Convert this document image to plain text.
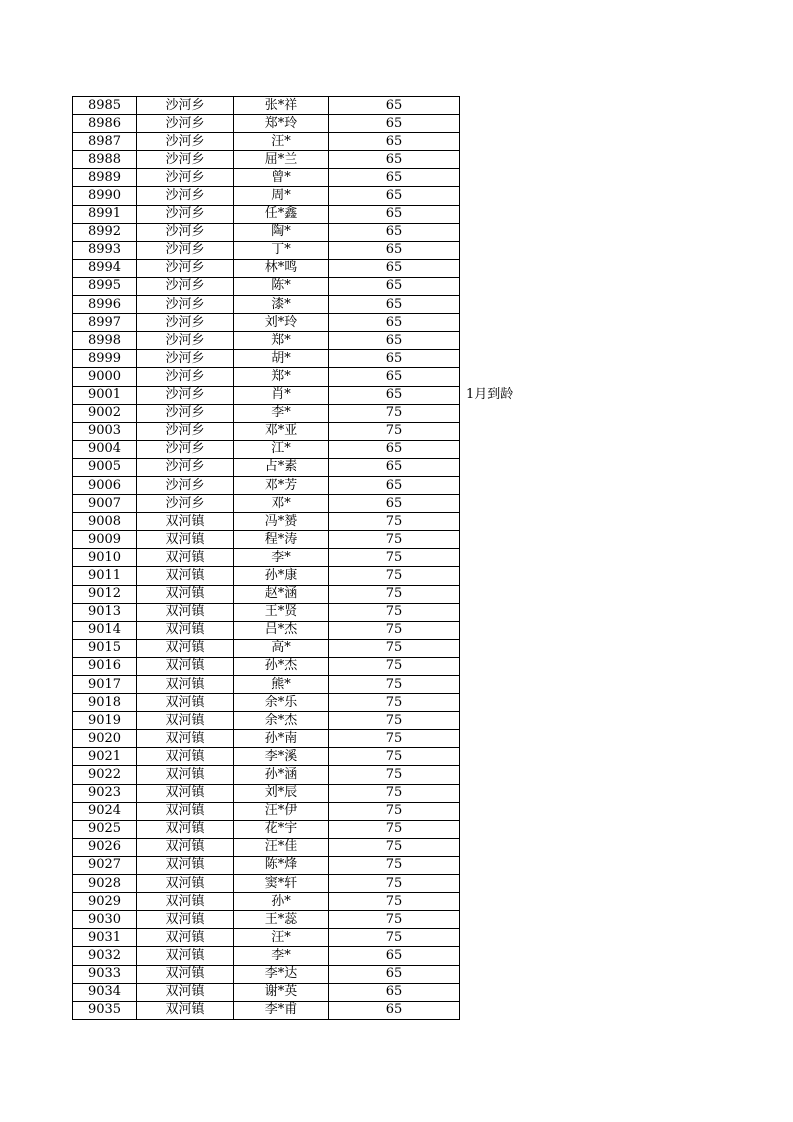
8985	沙河乡	张*祥	65
8986	沙河乡	郑*玲	65
8987	沙河乡	汪*	65
8988	沙河乡	屈*兰	65
8989	沙河乡	曾*	65
8990	沙河乡	周*	65
8991	沙河乡	任*鑫	65
8992	沙河乡	陶*	65
8993	沙河乡	丁*	65
8994	沙河乡	林*鸣	65
8995	沙河乡	陈*	65
8996	沙河乡	漆*	65
8997	沙河乡	刘*玲	65
8998	沙河乡	郑*	65
8999	沙河乡	胡*	65
9000	沙河乡	郑*	65
9001	沙河乡	肖*	65
9002	沙河乡	李*	75
9003	沙河乡	邓*亚	75
9004	沙河乡	江*	65
9005	沙河乡	占*素	65
9006	沙河乡	邓*芳	65
9007	沙河乡	邓*	65
9008	双河镇	冯*赟	75
9009	双河镇	程*涛	75
9010	双河镇	李*	75
9011	双河镇	孙*康	75
9012	双河镇	赵*涵	75
9013	双河镇	王*贤	75
9014	双河镇	吕*杰	75
9015	双河镇	高*	75
9016	双河镇	孙*杰	75
9017	双河镇	熊*	75
9018	双河镇	余*乐	75
9019	双河镇	余*杰	75
9020	双河镇	孙*南	75
9021	双河镇	李*溪	75
9022	双河镇	孙*涵	75
9023	双河镇	刘*辰	75
9024	双河镇	汪*伊	75
9025	双河镇	花*宇	75
9026	双河镇	汪*佳	75
9027	双河镇	陈*烽	75
9028	双河镇	窦*轩	75
9029	双河镇	孙*	75
9030	双河镇	王*蕊	75
9031	双河镇	汪*	75
9032	双河镇	李*	65
9033	双河镇	李*达	65
9034	双河镇	谢*英	65
9035	双河镇	李*甫	65
1月到龄
